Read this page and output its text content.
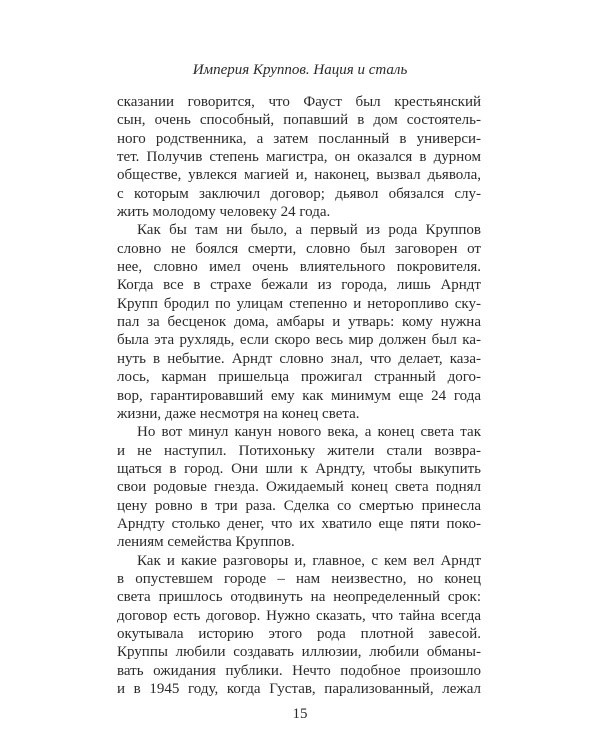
Империя Круппов. Нация и сталь
сказании говорится, что Фауст был крестьянский
сын, очень способный, попавший в дом состоятель-
ного родственника, а затем посланный в универси-
тет. Получив степень магистра, он оказался в дурном
обществе, увлекся магией и, наконец, вызвал дьявола,
с которым заключил договор; дьявол обязался слу-
жить молодому человеку 24 года.
Как бы там ни было, а первый из рода Круппов
словно не боялся смерти, словно был заговорен от
нее, словно имел очень влиятельного покровителя.
Когда все в страхе бежали из города, лишь Арндт
Крупп бродил по улицам степенно и неторопливо ску-
пал за бесценок дома, амбары и утварь: кому нужна
была эта рухлядь, если скоро весь мир должен был ка-
нуть в небытие. Арндт словно знал, что делает, каза-
лось, карман пришельца прожигал странный дого-
вор, гарантировавший ему как минимум еще 24 года
жизни, даже несмотря на конец света.
Но вот минул канун нового века, а конец света так
и не наступил. Потихоньку жители стали возвра-
щаться в город. Они шли к Арндту, чтобы выкупить
свои родовые гнезда. Ожидаемый конец света поднял
цену ровно в три раза. Сделка со смертью принесла
Арндту столько денег, что их хватило еще пяти поко-
лениям семейства Круппов.
Как и какие разговоры и, главное, с кем вел Арндт
в опустевшем городе – нам неизвестно, но конец
света пришлось отодвинуть на неопределенный срок:
договор есть договор. Нужно сказать, что тайна всегда
окутывала историю этого рода плотной завесой.
Круппы любили создавать иллюзии, любили обманы-
вать ожидания публики. Нечто подобное произошло
и в 1945 году, когда Густав, парализованный, лежал
15
